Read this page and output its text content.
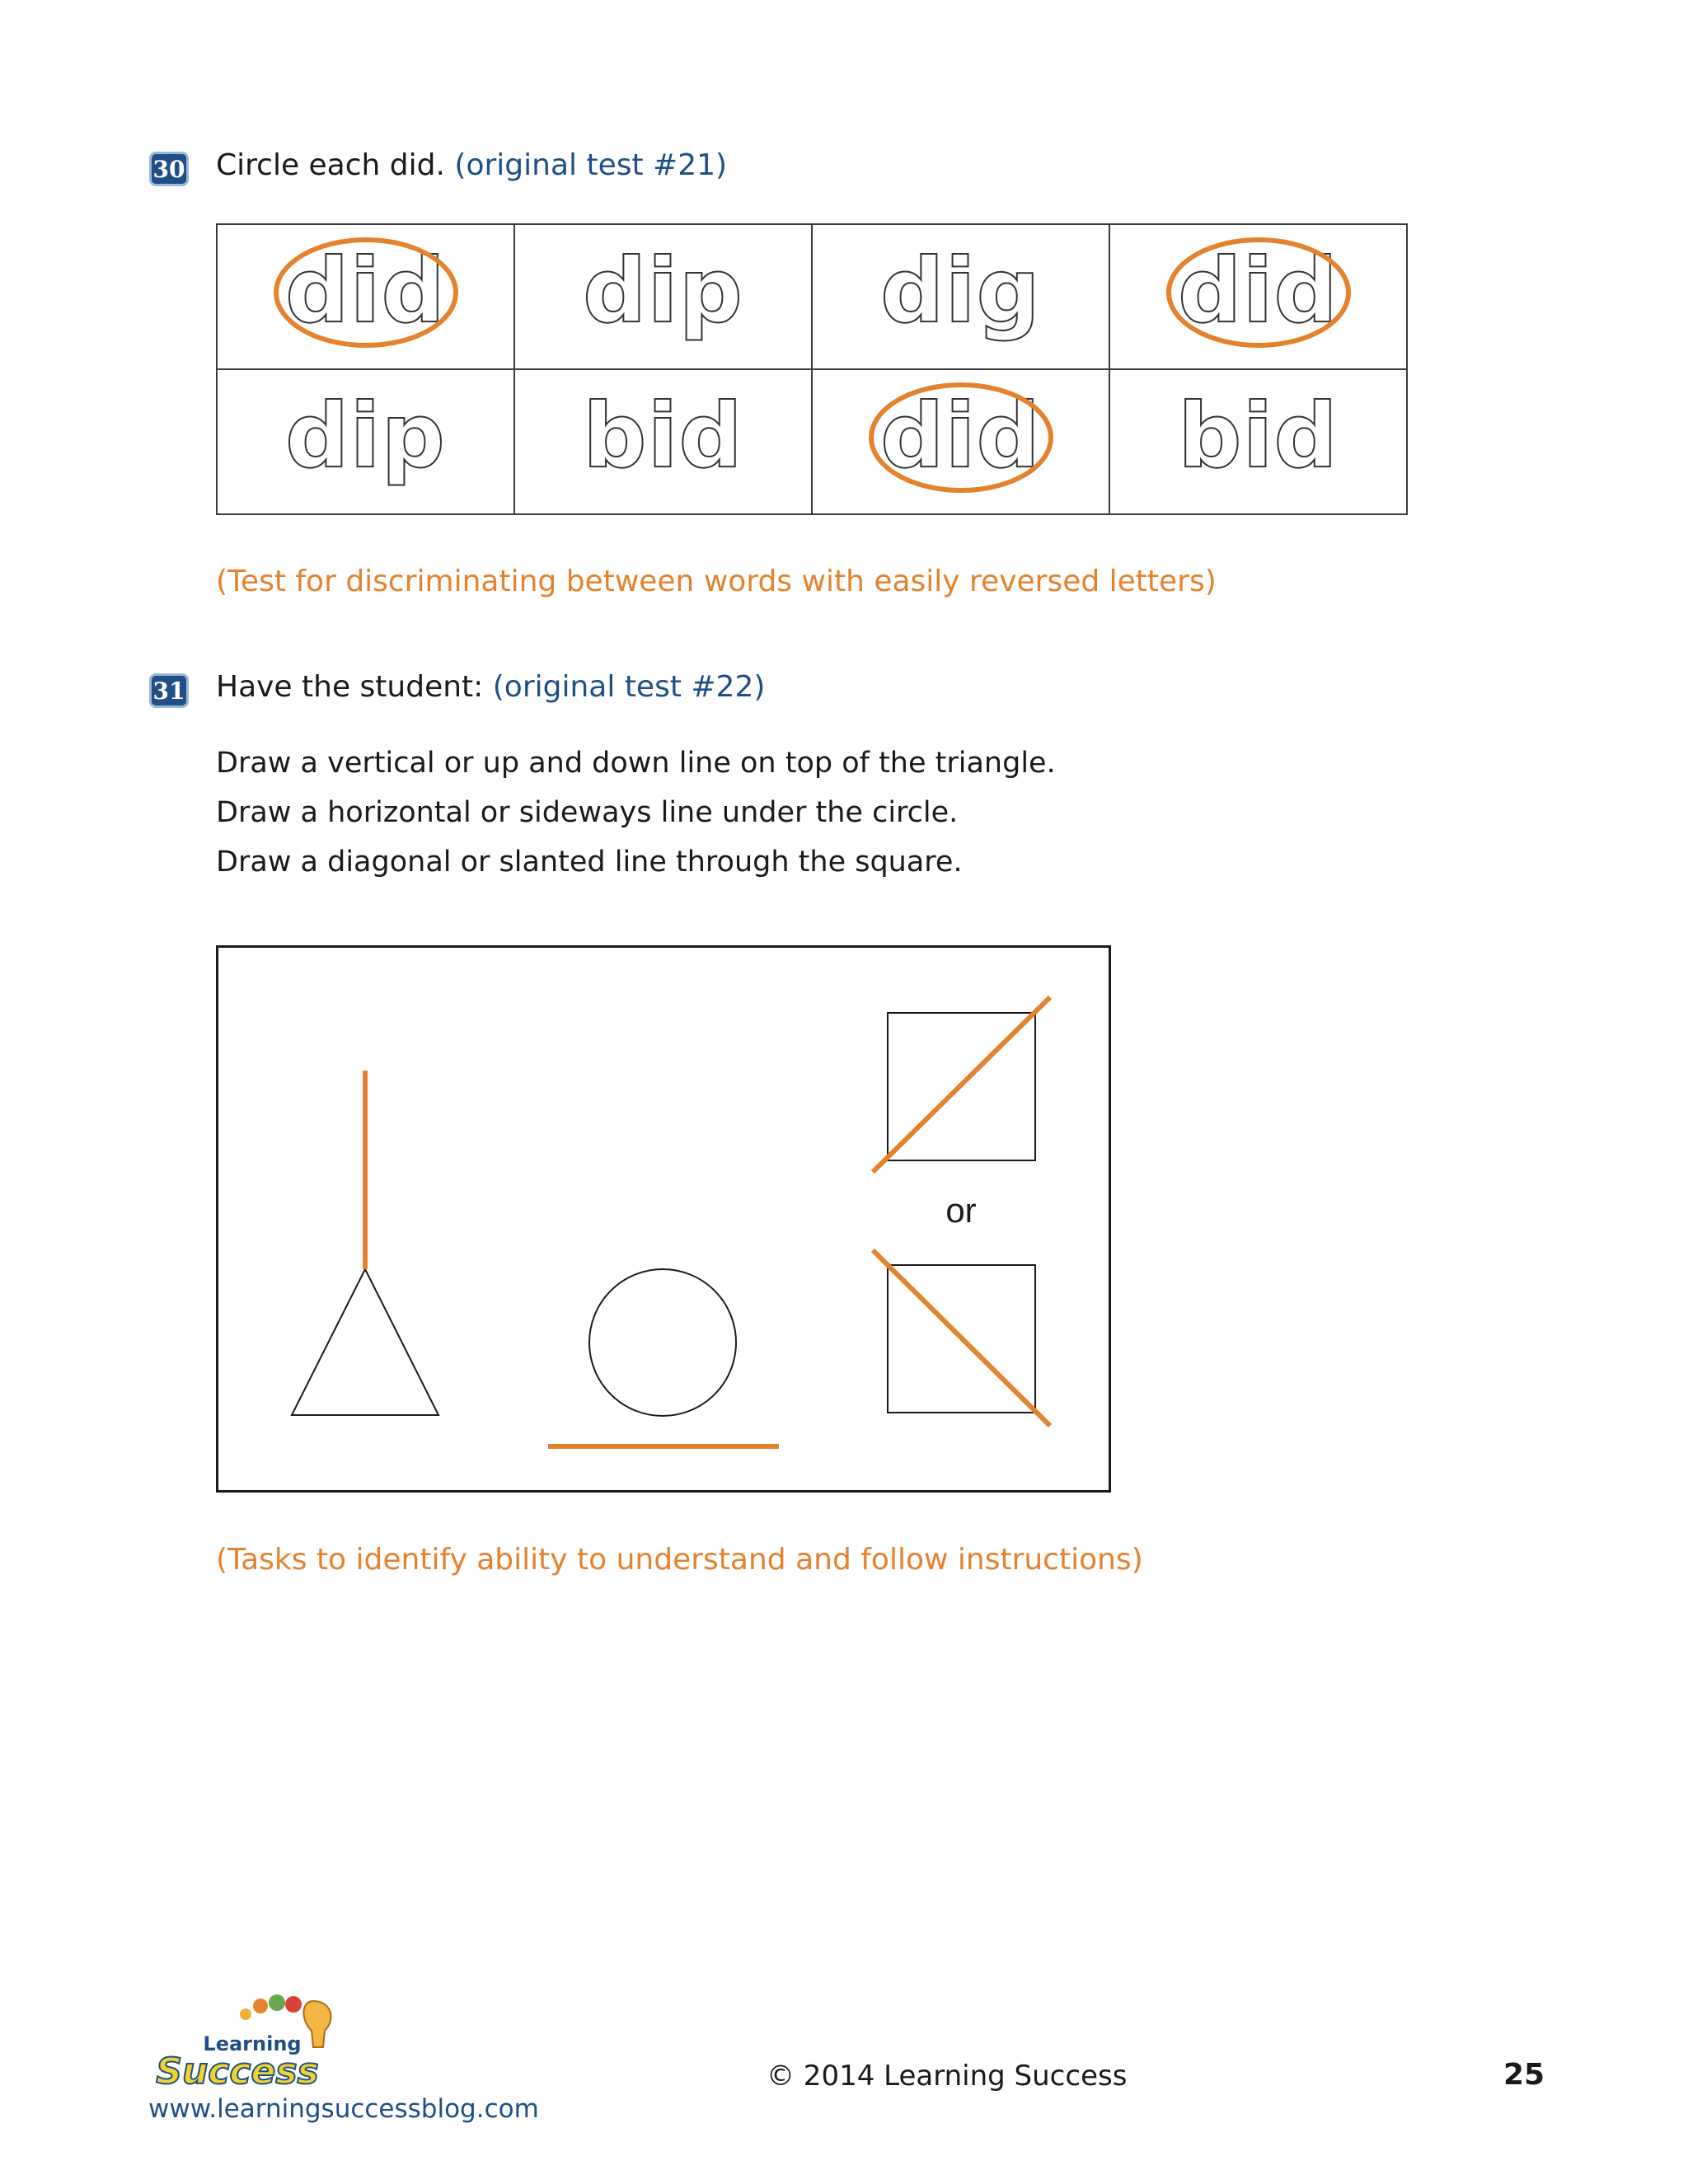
30 Circle each did. (original test #21)
did	dip	dig	did

dip	bid	did	bid
(Test for discriminating between words with easily reversed letters)
31 Have the student: (original test #22)
Draw a vertical or up and down line on top of the triangle.
Draw a horizontal or sideways line under the circle.
Draw a diagonal or slanted line through the square.
or
(Tasks to identify ability to understand and follow instructions)
Learning
Success
www.learningsuccessblog.com
© 2014 Learning Success	25
